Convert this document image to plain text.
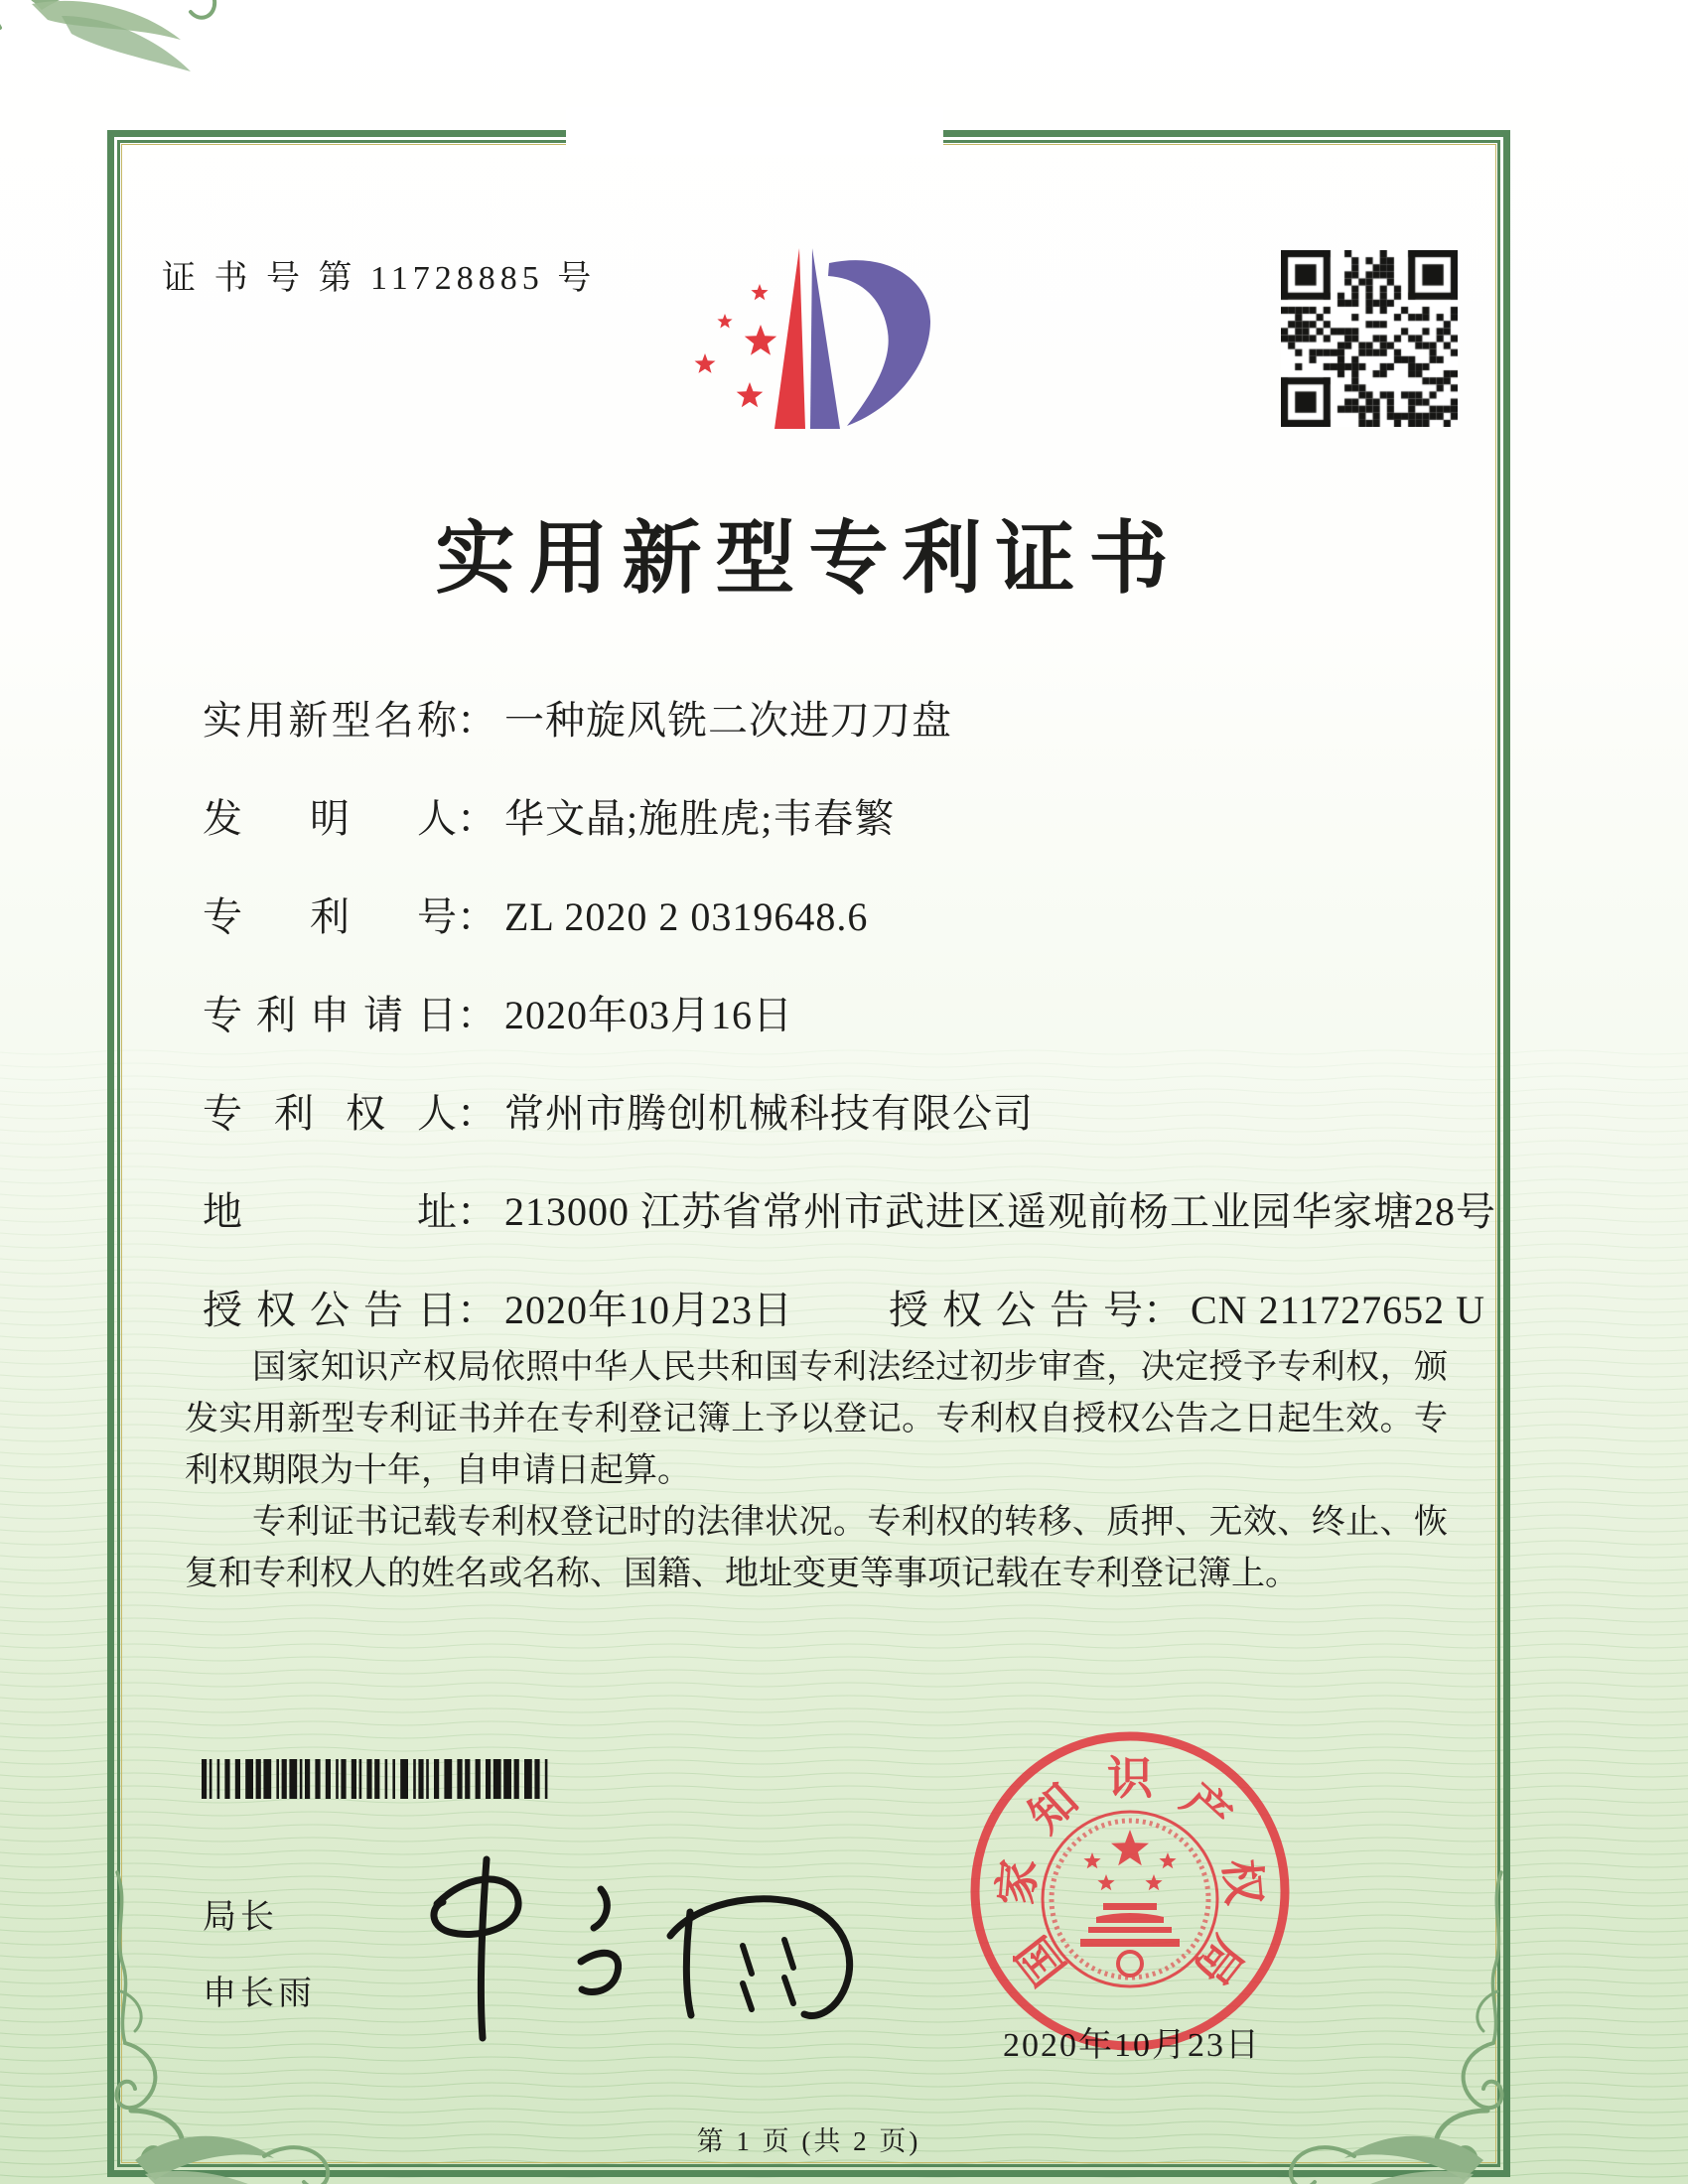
证 书 号 第 11728885 号
实用新型专利证书
实用新型名称： 一种旋风铣二次进刀刀盘
发明人： 华文晶;施胜虎;韦春繁
专利号： ZL 2020 2 0319648.6
专利申请日： 2020年03月16日
专利权人： 常州市腾创机械科技有限公司
地址： 213000 江苏省常州市武进区遥观前杨工业园华家塘28号
授权公告日： 2020年10月23日 授权公告号： CN 211727652 U

国家知识产权局依照中华人民共和国专利法经过初步审查，决定授予专利权，颁发实用新型专利证书并在专利登记簿上予以登记。专利权自授权公告之日起生效。专利权期限为十年，自申请日起算。

专利证书记载专利权登记时的法律状况。专利权的转移、质押、无效、终止、恢复和专利权人的姓名或名称、国籍、地址变更等事项记载在专利登记簿上。

局长
申长雨
2020年10月23日
国
家
知 识 产
权
局
第 1 页 (共 2 页)
